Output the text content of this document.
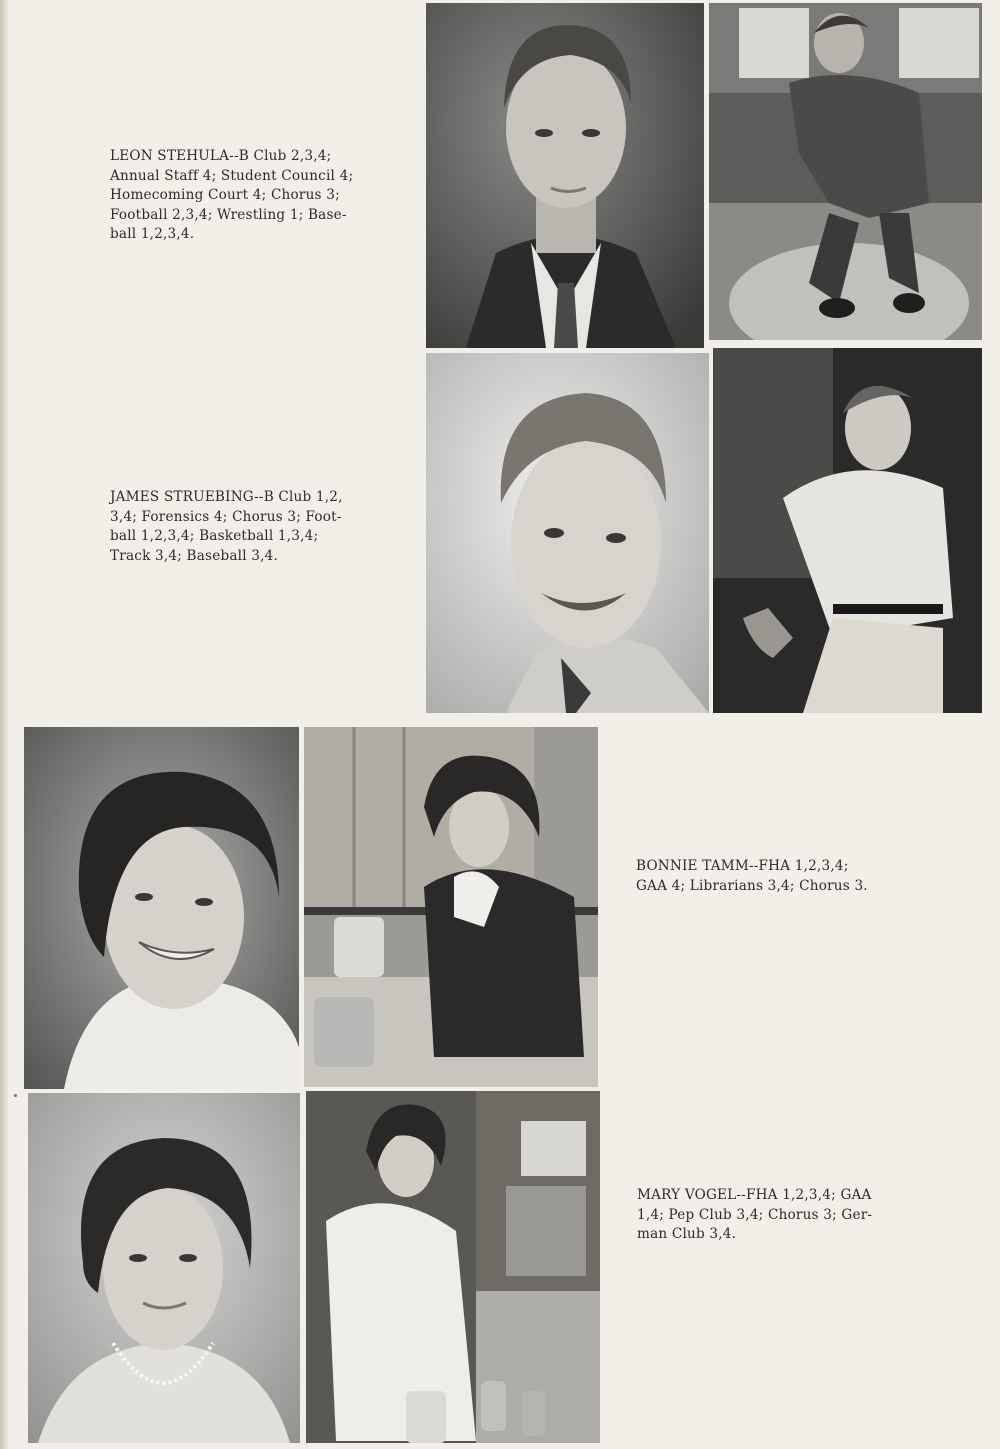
LEON STEHULA--B Club 2,3,4;
Annual Staff 4; Student Council 4;
Homecoming Court 4; Chorus 3;
Football 2,3,4; Wrestling 1; Base-
ball 1,2,3,4.
JAMES STRUEBING--B Club 1,2,
3,4; Forensics 4; Chorus 3; Foot-
ball 1,2,3,4; Basketball 1,3,4;
Track 3,4; Baseball 3,4.
BONNIE TAMM--FHA 1,2,3,4;
GAA 4; Librarians 3,4; Chorus 3.
MARY VOGEL--FHA 1,2,3,4; GAA
1,4; Pep Club 3,4; Chorus 3; Ger-
man Club 3,4.
